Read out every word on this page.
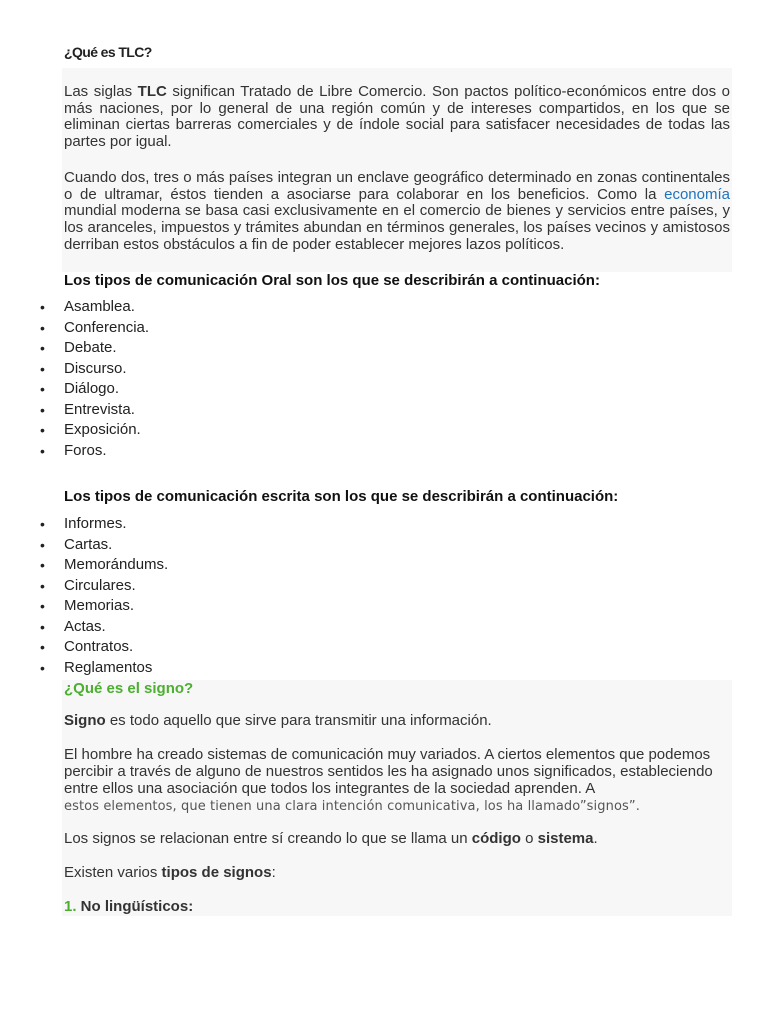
¿Qué es TLC?

Las siglas TLC significan Tratado de Libre Comercio. Son pactos político-económicos entre dos o más naciones, por lo general de una región común y de intereses compartidos, en los que se eliminan ciertas barreras comerciales y de índole social para satisfacer necesidades de todas las partes por igual.

Cuando dos, tres o más países integran un enclave geográfico determinado en zonas continentales o de ultramar, éstos tienden a asociarse para colaborar en los beneficios. Como la economía mundial moderna se basa casi exclusivamente en el comercio de bienes y servicios entre países, y los aranceles, impuestos y trámites abundan en términos generales, los países vecinos y amistosos derriban estos obstáculos a fin de poder establecer mejores lazos políticos.

Los tipos de comunicación Oral son los que se describirán a continuación:
• Asamblea.
• Conferencia.
• Debate.
• Discurso.
• Diálogo.
• Entrevista.
• Exposición.
• Foros.
Los tipos de comunicación escrita son los que se describirán a continuación:
• Informes.
• Cartas.
• Memorándums.
• Circulares.
• Memorias.
• Actas.
• Contratos.
• Reglamentos
¿Qué es el signo?
Signo es todo aquello que sirve para transmitir una información.
El hombre ha creado sistemas de comunicación muy variados. A ciertos elementos que podemos percibir a través de alguno de nuestros sentidos les ha asignado unos significados, estableciendo entre ellos una asociación que todos los integrantes de la sociedad aprenden. A
estos elementos, que tienen una clara intención comunicativa, los ha llamado”signos”.
Los signos se relacionan entre sí creando lo que se llama un código o sistema.
Existen varios tipos de signos:
1. No lingüísticos:
